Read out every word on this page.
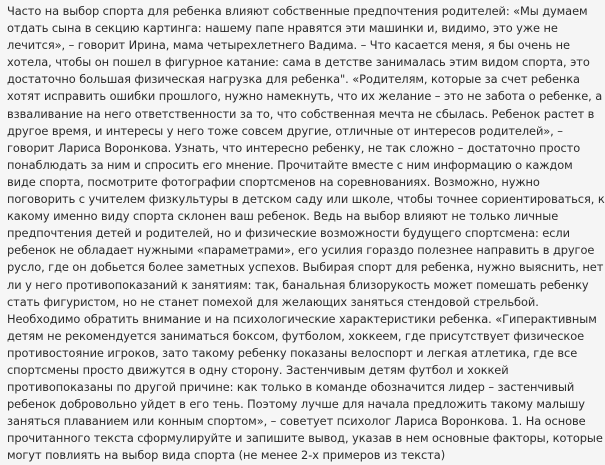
Часто на выбор спорта для ребенка влияют собственные предпочтения родителей: «Мы думаем
отдать сына в секцию картинга: нашему папе нравятся эти машинки и, видимо, это уже не
лечится», – говорит Ирина, мама четырехлетнего Вадима. – Что касается меня, я бы очень не
хотела, чтобы он пошел в фигурное катание: сама в детстве занималась этим видом спорта, это
достаточно большая физическая нагрузка для ребенка". «Родителям, которые за счет ребенка
хотят исправить ошибки прошлого, нужно намекнуть, что их желание – это не забота о ребенке, а
взваливание на него ответственности за то, что собственная мечта не сбылась. Ребенок растет в
другое время, и интересы у него тоже совсем другие, отличные от интересов родителей», –
говорит Лариса Воронкова. Узнать, что интересно ребенку, не так сложно – достаточно просто
понаблюдать за ним и спросить его мнение. Прочитайте вместе с ним информацию о каждом
виде спорта, посмотрите фотографии спортсменов на соревнованиях. Возможно, нужно
поговорить с учителем физкультуры в детском саду или школе, чтобы точнее сориентироваться, к
какому именно виду спорта склонен ваш ребенок. Ведь на выбор влияют не только личные
предпочтения детей и родителей, но и физические возможности будущего спортсмена: если
ребенок не обладает нужными «параметрами», его усилия гораздо полезнее направить в другое
русло, где он добьется более заметных успехов. Выбирая спорт для ребенка, нужно выяснить, нет
ли у него противопоказаний к занятиям: так, банальная близорукость может помешать ребенку
стать фигуристом, но не станет помехой для желающих заняться стендовой стрельбой.
Необходимо обратить внимание и на психологические характеристики ребенка. «Гиперактивным
детям не рекомендуется заниматься боксом, футболом, хоккеем, где присутствует физическое
противостояние игроков, зато такому ребенку показаны велоспорт и легкая атлетика, где все
спортсмены просто движутся в одну сторону. Застенчивым детям футбол и хоккей
противопоказаны по другой причине: как только в команде обозначится лидер – застенчивый
ребенок добровольно уйдет в его тень. Поэтому лучше для начала предложить такому малышу
заняться плаванием или конным спортом», – советует психолог Лариса Воронкова. 1. На основе
прочитанного текста сформулируйте и запишите вывод, указав в нем основные факторы, которые
могут повлиять на выбор вида спорта (не менее 2-х примеров из текста)
